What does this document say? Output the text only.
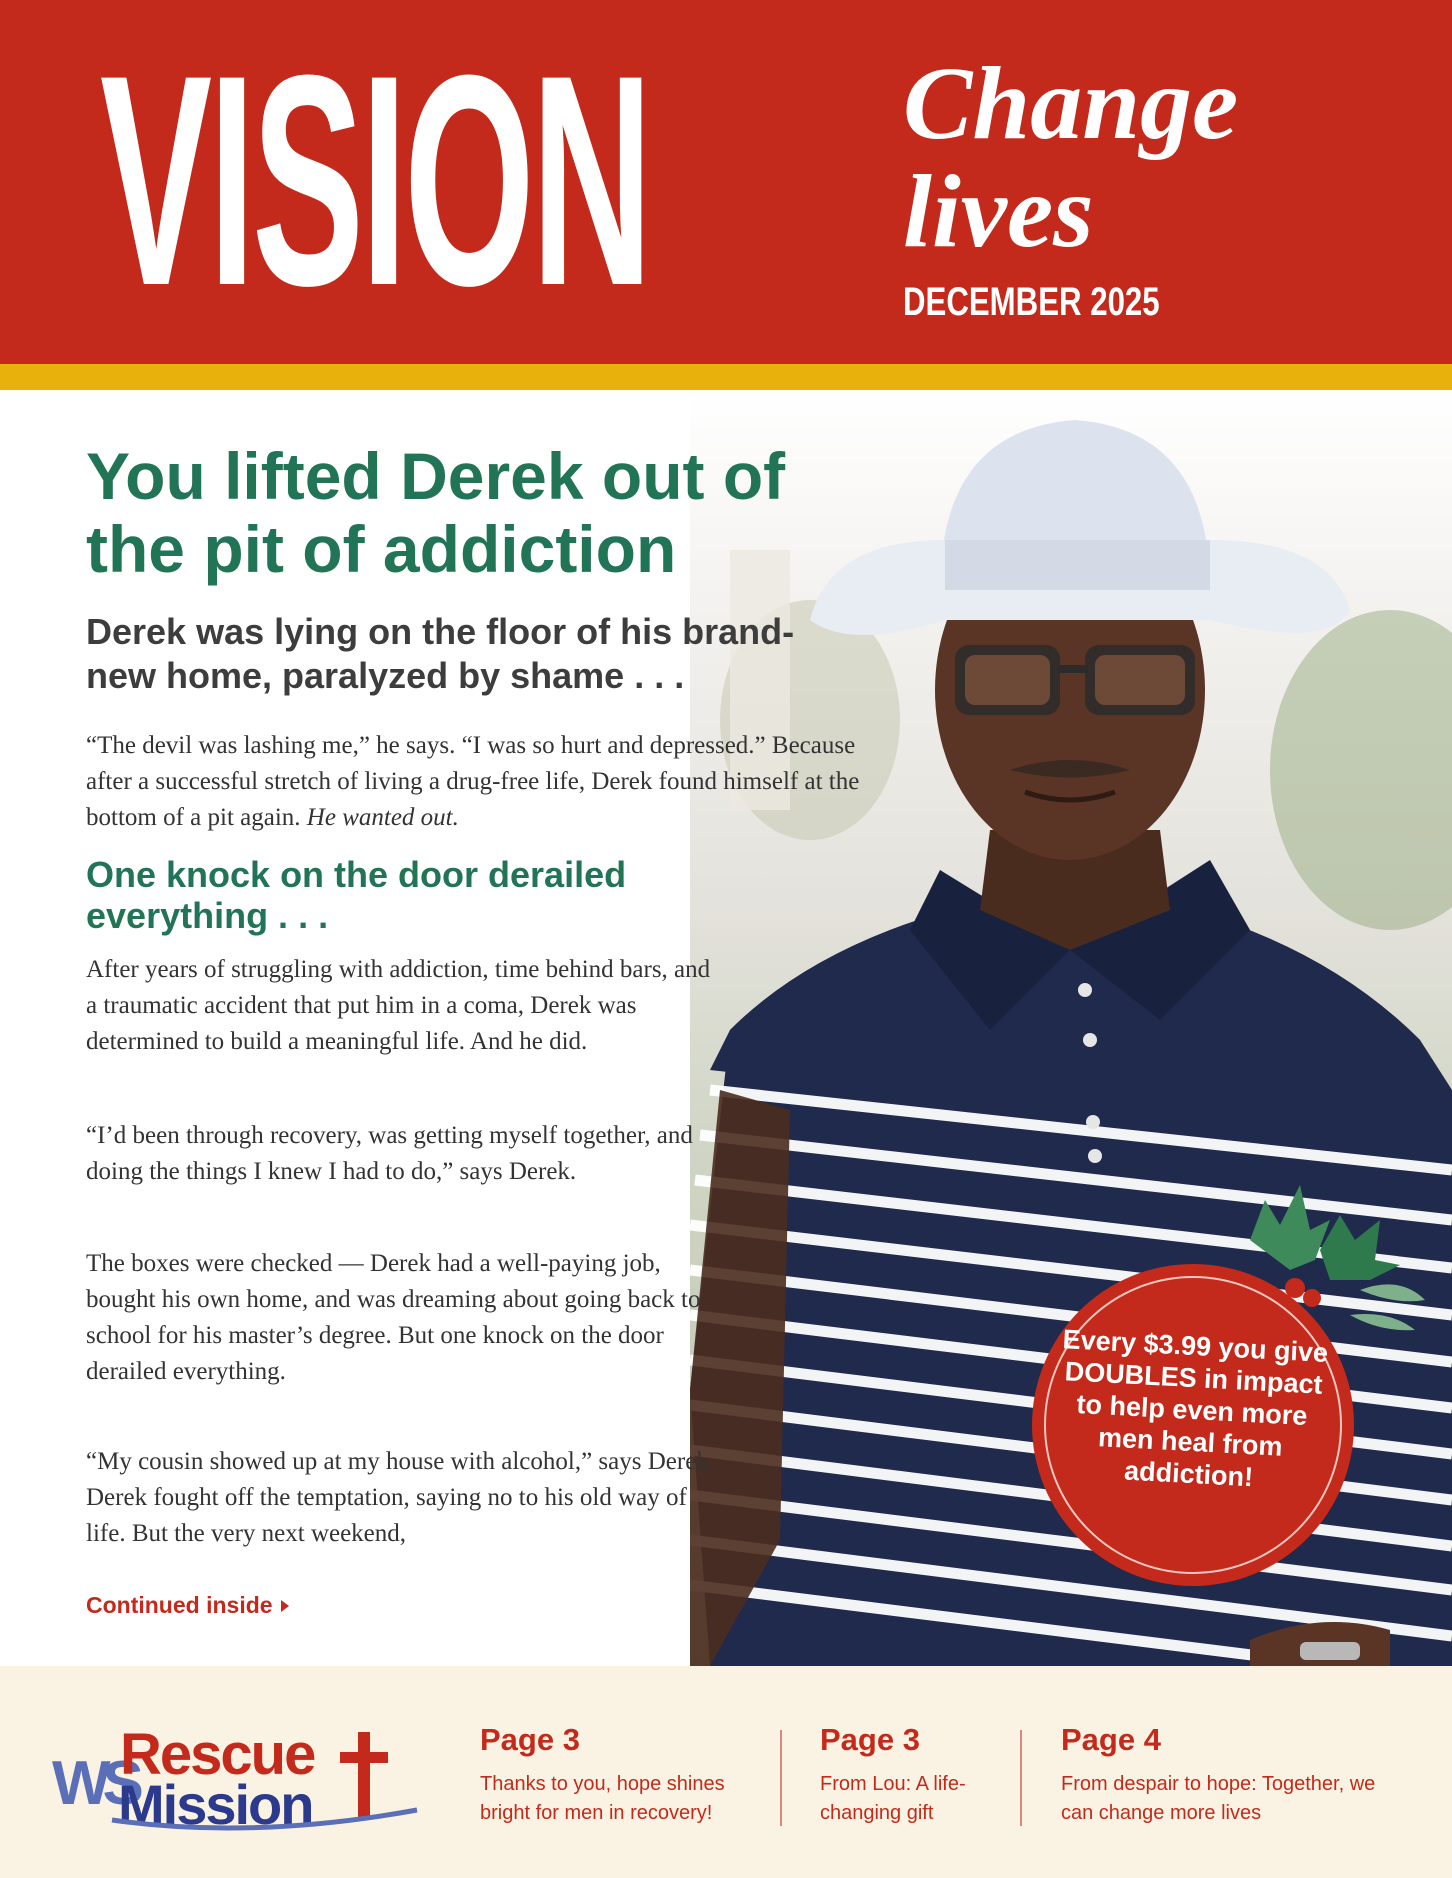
VISION Change
lives
DECEMBER 2025
You lifted Derek out of the pit of addiction
Derek was lying on the floor of his brand-new home, paralyzed by shame . . .

“The devil was lashing me,” he says. “I was so hurt and depressed.” Because after a successful stretch of living a drug-free life, Derek found himself at the bottom of a pit again. He wanted out.

One knock on the door derailed everything . . .

After years of struggling with addiction, time behind bars, and a traumatic accident that put him in a coma, Derek was determined to build a meaningful life. And he did.

“I’d been through recovery, was getting myself together, and doing the things I knew I had to do,” says Derek.

The boxes were checked — Derek had a well-paying job, bought his own home, and was dreaming about going back to school for his master’s degree. But one knock on the door derailed everything.

“My cousin showed up at my house with alcohol,” says Derek. Derek fought off the temptation, saying no to his old way of life. But the very next weekend,

Continued inside
Every $3.99 you give DOUBLES in impact to help even more men heal from addiction!
WS
Rescue
Mission
Page 3
Thanks to you, hope shines bright for men in recovery!
Page 3
From Lou: A life-changing gift
Page 4
From despair to hope: Together, we can change more lives
